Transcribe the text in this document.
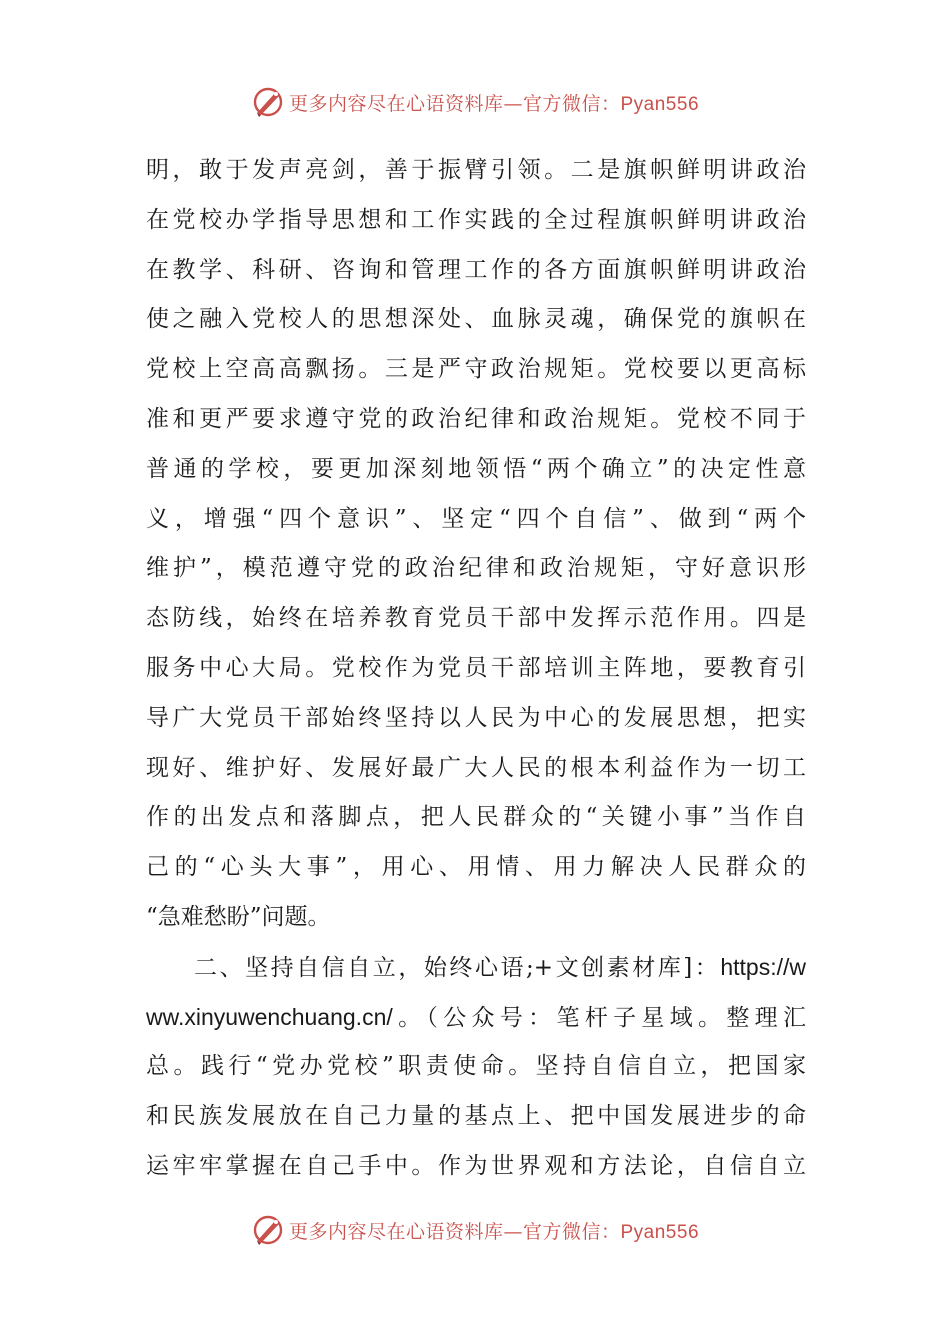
更多内容尽在心语资料库—官方微信：Pyan556
明，敢于发声亮剑，善于振臂引领。二是旗帜鲜明讲政治
在党校办学指导思想和工作实践的全过程旗帜鲜明讲政治
在教学、科研、咨询和管理工作的各方面旗帜鲜明讲政治
使之融入党校人的思想深处、血脉灵魂，确保党的旗帜在
党校上空高高飘扬。三是严守政治规矩。党校要以更高标
准和更严要求遵守党的政治纪律和政治规矩。党校不同于
普通的学校，要更加深刻地领悟“两个确立”的决定性意
义，增强“四个意识”、坚定“四个自信”、做到“两个
维护”，模范遵守党的政治纪律和政治规矩，守好意识形
态防线，始终在培养教育党员干部中发挥示范作用。四是
服务中心大局。党校作为党员干部培训主阵地，要教育引
导广大党员干部始终坚持以人民为中心的发展思想，把实
现好、维护好、发展好最广大人民的根本利益作为一切工
作的出发点和落脚点，把人民群众的“关键小事”当作自
己的“心头大事”，用心、用情、用力解决人民群众的
“急难愁盼”问题。
二、坚持自信自立，始终心语;+文创素材库]：https://w
ww.xinyuwenchuang.cn/。（公众号：笔杆子星域。整理汇
总。践行“党办党校”职责使命。坚持自信自立，把国家
和民族发展放在自己力量的基点上、把中国发展进步的命
运牢牢掌握在自己手中。作为世界观和方法论，自信自立
更多内容尽在心语资料库—官方微信：Pyan556
